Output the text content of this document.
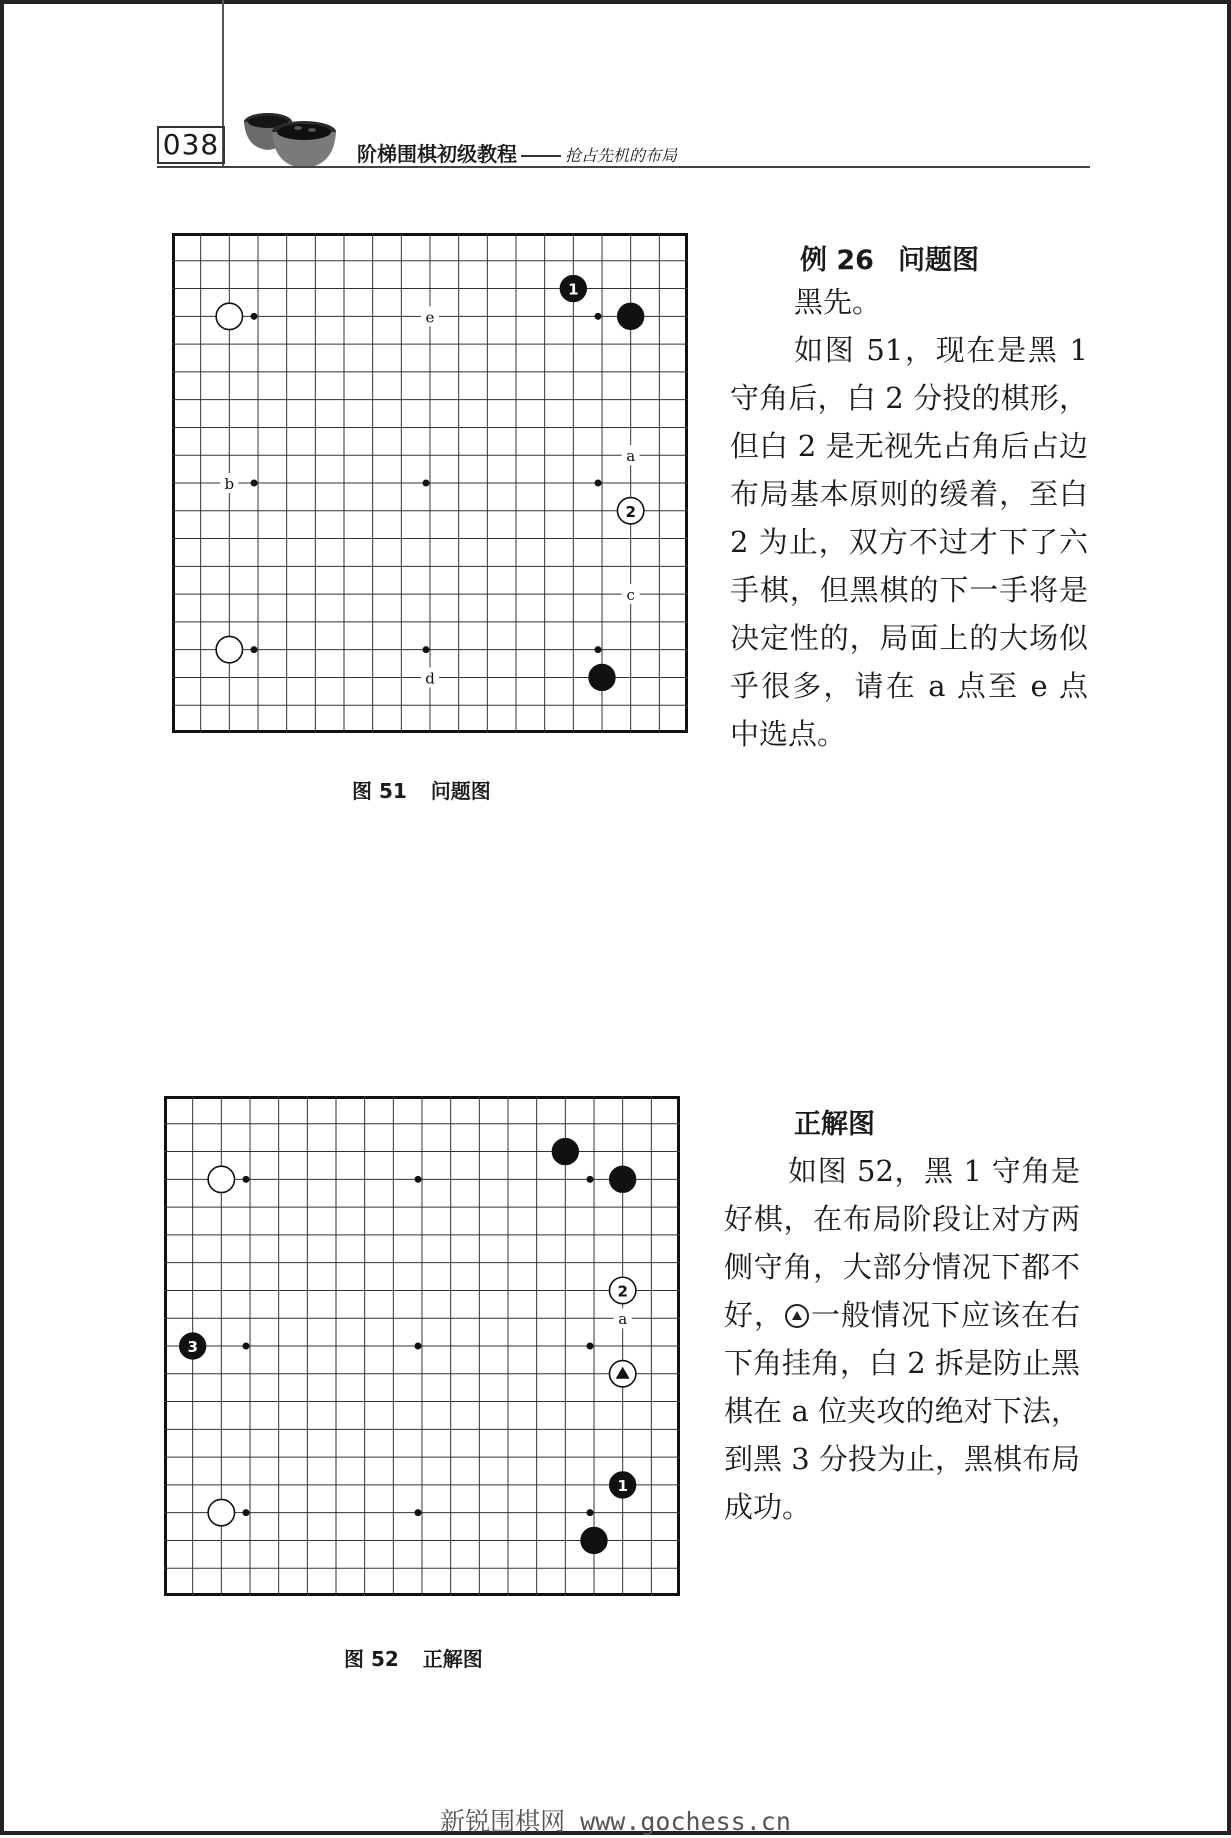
038	阶梯围棋初级教程	抢占先机的布局
e
a
b
c
d
1
2
图 51 问题图
例 26 问题图

黑先。

如图 51，现在是黑 1 守角后，白 2 分投的棋形，但白 2 是无视先占角后占边布局基本原则的缓着，至白 2 为止，双方不过才下了六手棋，但黑棋的下一手将是决定性的，局面上的大场似乎很多，请在 a 点至 e 点中选点。

a
2
3
1
图 52 正解图
正解图

如图 52，黑 1 守角是好棋，在布局阶段让对方两侧守角，大部分情况下都不好， 一般情况下应该在右下角挂角，白 2 拆是防止黑棋在 a 位夹攻的绝对下法，到黑 3 分投为止，黑棋布局成功。

新锐围棋网 www.gochess.cn
